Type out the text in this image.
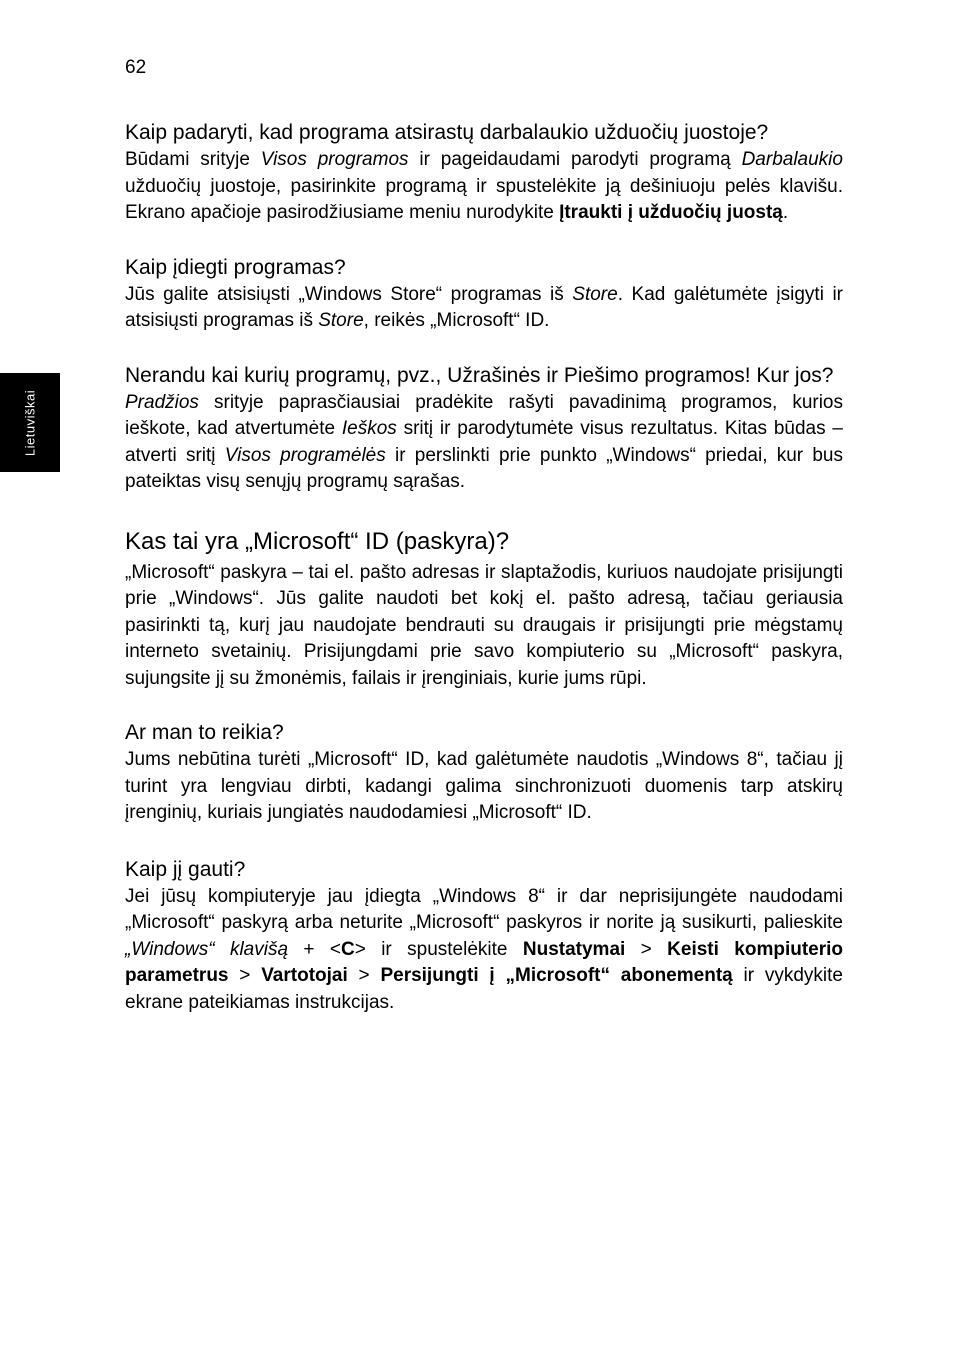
62
Lietuviškai
Kaip padaryti, kad programa atsirastų darbalaukio užduočių juostoje?

Būdami srityje Visos programos ir pageidaudami parodyti programą Darbalaukio užduočių juostoje, pasirinkite programą ir spustelėkite ją dešiniuoju pelės klavišu. Ekrano apačioje pasirodžiusiame meniu nurodykite Įtraukti į užduočių juostą.

Kaip įdiegti programas?

Jūs galite atsisiųsti „Windows Store“ programas iš Store. Kad galėtumėte įsigyti ir atsisiųsti programas iš Store, reikės „Microsoft“ ID.

Nerandu kai kurių programų, pvz., Užrašinės ir Piešimo programos! Kur jos?

Pradžios srityje paprasčiausiai pradėkite rašyti pavadinimą programos, kurios ieškote, kad atvertumėte Ieškos sritį ir parodytumėte visus rezultatus. Kitas būdas – atverti sritį Visos programėlės ir perslinkti prie punkto „Windows“ priedai, kur bus pateiktas visų senųjų programų sąrašas.

Kas tai yra „Microsoft“ ID (paskyra)?

„Microsoft“ paskyra – tai el. pašto adresas ir slaptažodis, kuriuos naudojate prisijungti prie „Windows“. Jūs galite naudoti bet kokį el. pašto adresą, tačiau geriausia pasirinkti tą, kurį jau naudojate bendrauti su draugais ir prisijungti prie mėgstamų interneto svetainių. Prisijungdami prie savo kompiuterio su „Microsoft“ paskyra, sujungsite jį su žmonėmis, failais ir įrenginiais, kurie jums rūpi.

Ar man to reikia?

Jums nebūtina turėti „Microsoft“ ID, kad galėtumėte naudotis „Windows 8“, tačiau jį turint yra lengviau dirbti, kadangi galima sinchronizuoti duomenis tarp atskirų įrenginių, kuriais jungiatės naudodamiesi „Microsoft“ ID.

Kaip jį gauti?

Jei jūsų kompiuteryje jau įdiegta „Windows 8“ ir dar neprisijungėte naudodami „Microsoft“ paskyrą arba neturite „Microsoft“ paskyros ir norite ją susikurti, palieskite „Windows“ klavišą + <C> ir spustelėkite Nustatymai > Keisti kompiuterio parametrus > Vartotojai > Persijungti į „Microsoft“ abonementą ir vykdykite ekrane pateikiamas instrukcijas.
